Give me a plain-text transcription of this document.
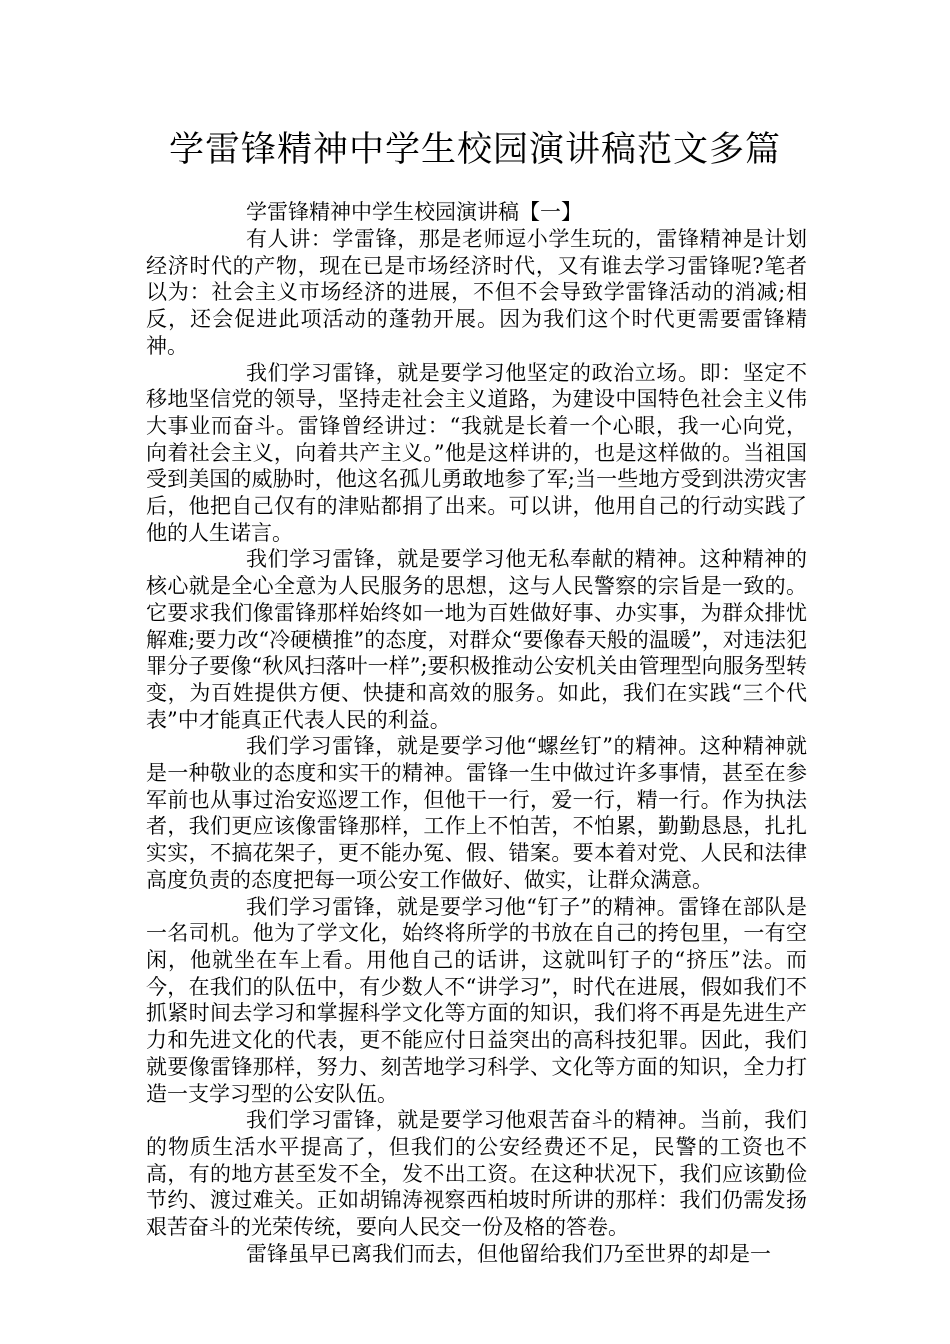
学雷锋精神中学生校园演讲稿范文多篇

学雷锋精神中学生校园演讲稿【一】

有人讲：学雷锋，那是老师逗小学生玩的，雷锋精神是计划经济时代的产物，现在已是市场经济时代，又有谁去学习雷锋呢?笔者以为：社会主义市场经济的进展，不但不会导致学雷锋活动的消减;相反，还会促进此项活动的蓬勃开展。因为我们这个时代更需要雷锋精神。

我们学习雷锋，就是要学习他坚定的政治立场。即：坚定不移地坚信党的领导，坚持走社会主义道路，为建设中国特色社会主义伟大事业而奋斗。雷锋曾经讲过：“我就是长着一个心眼，我一心向党，向着社会主义，向着共产主义。”他是这样讲的，也是这样做的。当祖国受到美国的威胁时，他这名孤儿勇敢地参了军;当一些地方受到洪涝灾害后，他把自己仅有的津贴都捐了出来。可以讲，他用自己的行动实践了他的人生诺言。

我们学习雷锋，就是要学习他无私奉献的精神。这种精神的核心就是全心全意为人民服务的思想，这与人民警察的宗旨是一致的。它要求我们像雷锋那样始终如一地为百姓做好事、办实事，为群众排忧解难;要力改“冷硬横推”的态度，对群众“要像春天般的温暖”，对违法犯罪分子要像“秋风扫落叶一样”;要积极推动公安机关由管理型向服务型转变，为百姓提供方便、快捷和高效的服务。如此，我们在实践“三个代表”中才能真正代表人民的利益。

我们学习雷锋，就是要学习他“螺丝钉”的精神。这种精神就是一种敬业的态度和实干的精神。雷锋一生中做过许多事情，甚至在参军前也从事过治安巡逻工作，但他干一行，爱一行，精一行。作为执法者，我们更应该像雷锋那样，工作上不怕苦，不怕累，勤勤恳恳，扎扎实实，不搞花架子，更不能办冤、假、错案。要本着对党、人民和法律高度负责的态度把每一项公安工作做好、做实，让群众满意。

我们学习雷锋，就是要学习他“钉子”的精神。雷锋在部队是一名司机。他为了学文化，始终将所学的书放在自己的挎包里，一有空闲，他就坐在车上看。用他自己的话讲，这就叫钉子的“挤压”法。而今，在我们的队伍中，有少数人不“讲学习”，时代在进展，假如我们不抓紧时间去学习和掌握科学文化等方面的知识，我们将不再是先进生产力和先进文化的代表，更不能应付日益突出的高科技犯罪。因此，我们就要像雷锋那样，努力、刻苦地学习科学、文化等方面的知识，全力打造一支学习型的公安队伍。

我们学习雷锋，就是要学习他艰苦奋斗的精神。当前，我们的物质生活水平提高了，但我们的公安经费还不足，民警的工资也不高，有的地方甚至发不全，发不出工资。在这种状况下，我们应该勤俭节约、渡过难关。正如胡锦涛视察西柏坡时所讲的那样：我们仍需发扬艰苦奋斗的光荣传统，要向人民交一份及格的答卷。

雷锋虽早已离我们而去，但他留给我们乃至世界的却是一
